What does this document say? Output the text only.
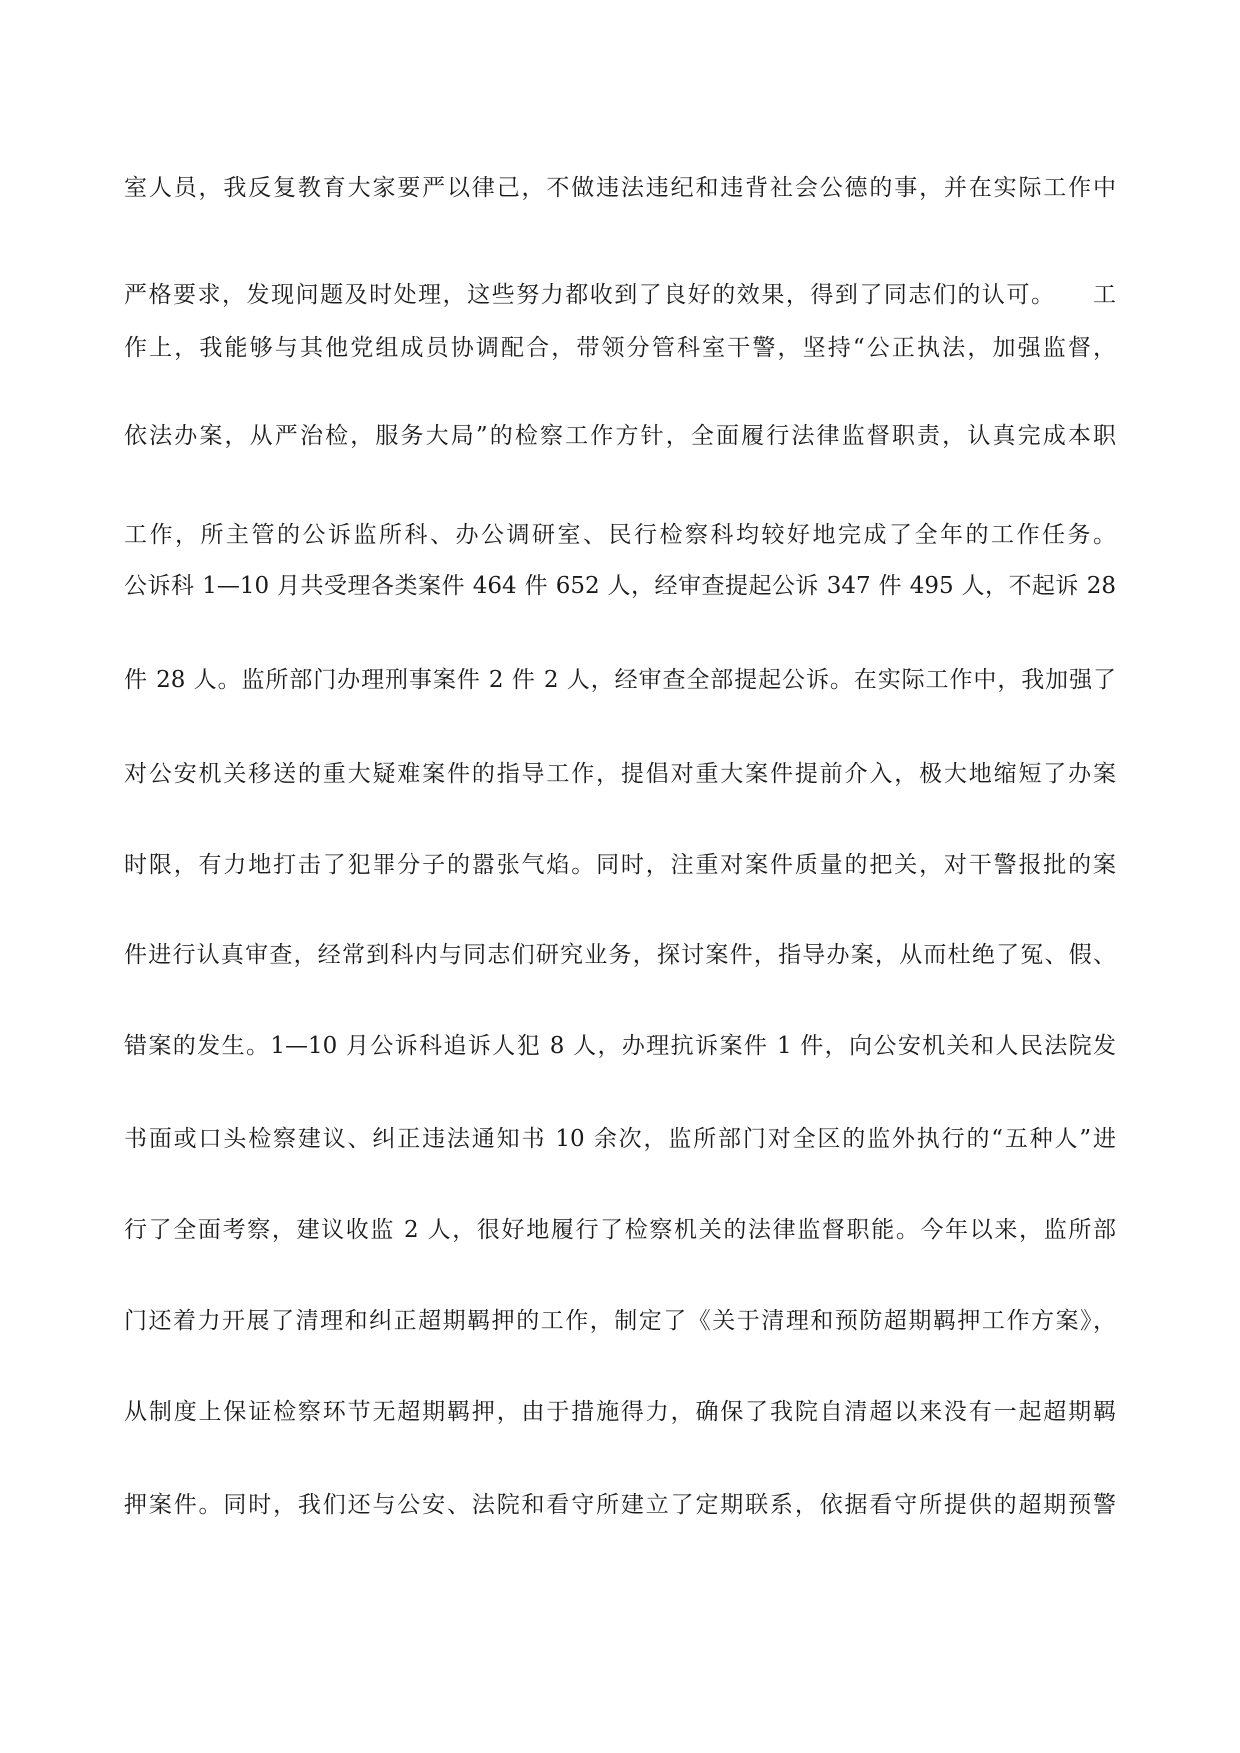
室人员，我反复教育大家要严以律己，不做违法违纪和违背社会公德的事，并在实际工作中
严格要求，发现问题及时处理，这些努力都收到了良好的效果，得到了同志们的认可。　　工
作上，我能够与其他党组成员协调配合，带领分管科室干警，坚持“公正执法，加强监督，
依法办案，从严治检，服务大局”的检察工作方针，全面履行法律监督职责，认真完成本职
工作，所主管的公诉监所科、办公调研室、民行检察科均较好地完成了全年的工作任务。
公诉科 1—10 月共受理各类案件 464 件 652 人，经审查提起公诉 347 件 495 人，不起诉 28
件 28 人。监所部门办理刑事案件 2 件 2 人，经审查全部提起公诉。在实际工作中，我加强了
对公安机关移送的重大疑难案件的指导工作，提倡对重大案件提前介入，极大地缩短了办案
时限，有力地打击了犯罪分子的嚣张气焰。同时，注重对案件质量的把关，对干警报批的案
件进行认真审查，经常到科内与同志们研究业务，探讨案件，指导办案，从而杜绝了冤、假、
错案的发生。1—10 月公诉科追诉人犯 8 人，办理抗诉案件 1 件，向公安机关和人民法院发
书面或口头检察建议、纠正违法通知书 10 余次，监所部门对全区的监外执行的“五种人”进
行了全面考察，建议收监 2 人，很好地履行了检察机关的法律监督职能。今年以来，监所部
门还着力开展了清理和纠正超期羁押的工作，制定了《关于清理和预防超期羁押工作方案》，
从制度上保证检察环节无超期羁押，由于措施得力，确保了我院自清超以来没有一起超期羁
押案件。同时，我们还与公安、法院和看守所建立了定期联系，依据看守所提供的超期预警
